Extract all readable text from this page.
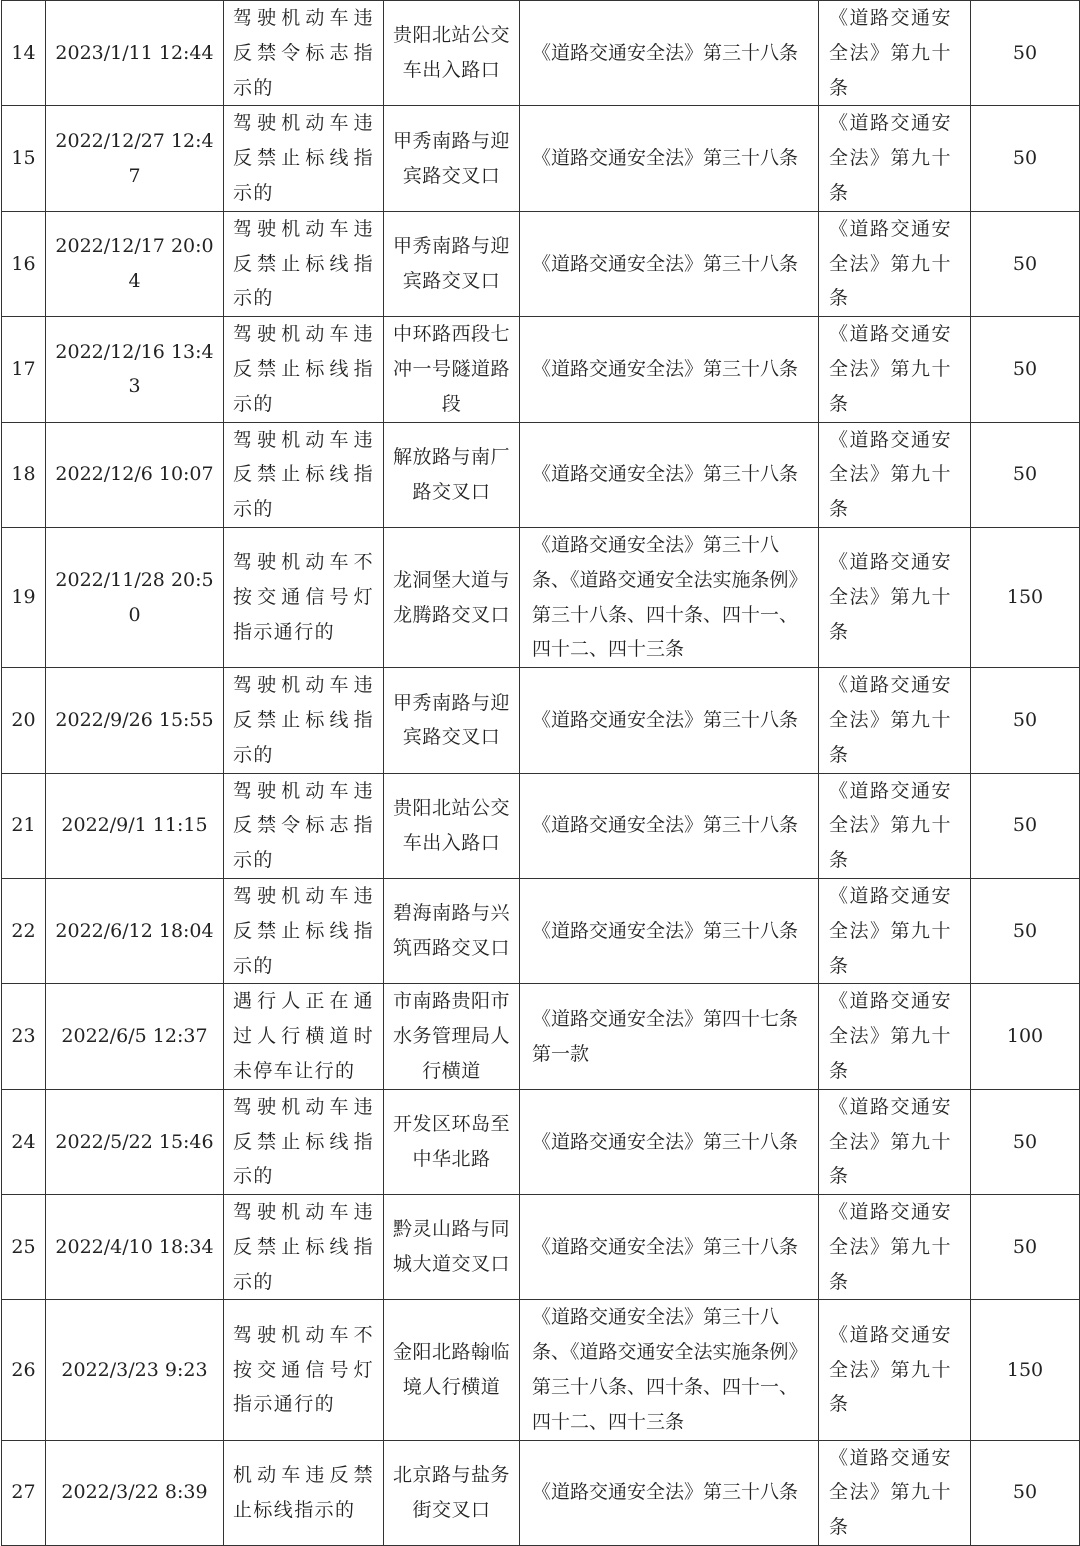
14	2023/1/11 12:44	驾驶机动车违反禁令标志指示的	贵阳北站公交车出入路口	《道路交通安全法》第三十八条	《道路交通安全法》第九十条	50
15	2022/12/27 12:47	驾驶机动车违反禁止标线指示的	甲秀南路与迎宾路交叉口	《道路交通安全法》第三十八条	《道路交通安全法》第九十条	50
16	2022/12/17 20:04	驾驶机动车违反禁止标线指示的	甲秀南路与迎宾路交叉口	《道路交通安全法》第三十八条	《道路交通安全法》第九十条	50
17	2022/12/16 13:43	驾驶机动车违反禁止标线指示的	中环路西段七冲一号隧道路段	《道路交通安全法》第三十八条	《道路交通安全法》第九十条	50
18	2022/12/6 10:07	驾驶机动车违反禁止标线指示的	解放路与南厂路交叉口	《道路交通安全法》第三十八条	《道路交通安全法》第九十条	50
19	2022/11/28 20:50	驾驶机动车不按交通信号灯指示通行的	龙洞堡大道与龙腾路交叉口	《道路交通安全法》第三十八条、《道路交通安全法实施条例》第三十八条、四十条、四十一、四十二、四十三条	《道路交通安全法》第九十条	150
20	2022/9/26 15:55	驾驶机动车违反禁止标线指示的	甲秀南路与迎宾路交叉口	《道路交通安全法》第三十八条	《道路交通安全法》第九十条	50
21	2022/9/1 11:15	驾驶机动车违反禁令标志指示的	贵阳北站公交车出入路口	《道路交通安全法》第三十八条	《道路交通安全法》第九十条	50
22	2022/6/12 18:04	驾驶机动车违反禁止标线指示的	碧海南路与兴筑西路交叉口	《道路交通安全法》第三十八条	《道路交通安全法》第九十条	50
23	2022/6/5 12:37	遇行人正在通过人行横道时未停车让行的	市南路贵阳市水务管理局人行横道	《道路交通安全法》第四十七条第一款	《道路交通安全法》第九十条	100
24	2022/5/22 15:46	驾驶机动车违反禁止标线指示的	开发区环岛至中华北路	《道路交通安全法》第三十八条	《道路交通安全法》第九十条	50
25	2022/4/10 18:34	驾驶机动车违反禁止标线指示的	黔灵山路与同城大道交叉口	《道路交通安全法》第三十八条	《道路交通安全法》第九十条	50
26	2022/3/23 9:23	驾驶机动车不按交通信号灯指示通行的	金阳北路翰临境人行横道	《道路交通安全法》第三十八条、《道路交通安全法实施条例》第三十八条、四十条、四十一、四十二、四十三条	《道路交通安全法》第九十条	150
27	2022/3/22 8:39	机动车违反禁止标线指示的	北京路与盐务街交叉口	《道路交通安全法》第三十八条	《道路交通安全法》第九十条	50
